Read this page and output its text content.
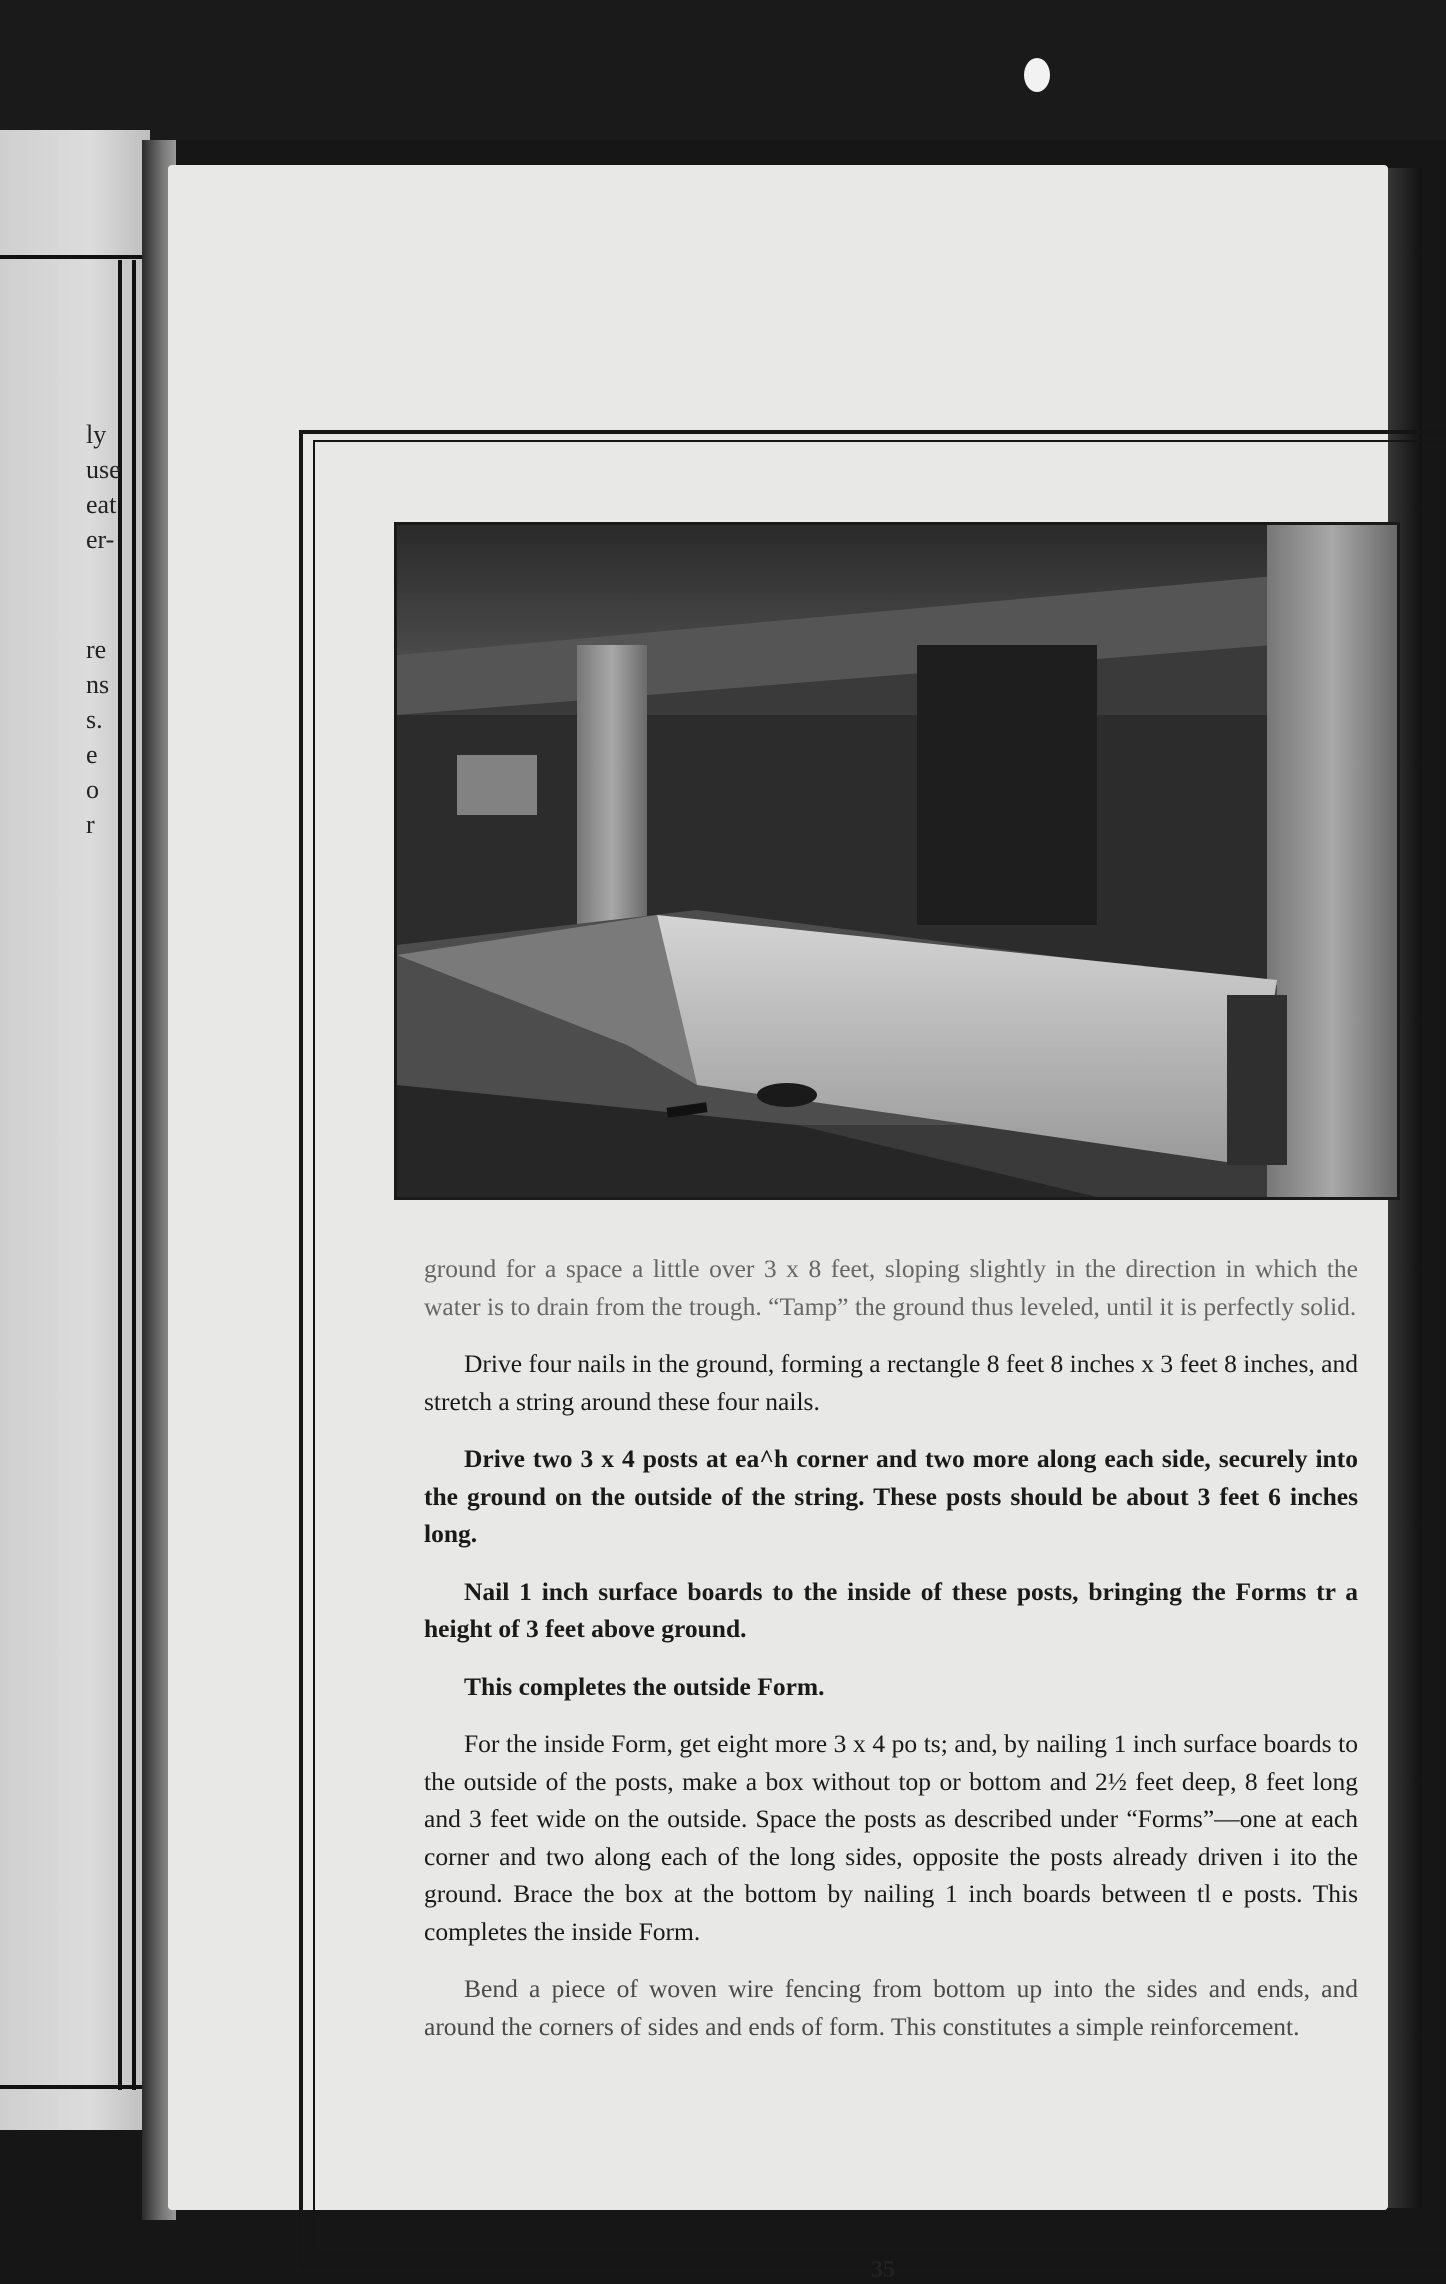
ly
use
eat
er-
re
ns
s.
e
o
r

ground for a space a little over 3 x 8 feet, sloping slightly in the direction in which the water is to drain from the trough. “Tamp” the ground thus leveled, until it is perfectly solid.

Drive four nails in the ground, forming a rectangle 8 feet 8 inches x 3 feet 8 inches, and stretch a string around these four nails.

Drive two 3 x 4 posts at ea^h corner and two more along each side, securely into the ground on the outside of the string. These posts should be about 3 feet 6 inches long.

Nail 1 inch surface boards to the inside of these posts, bringing the Forms tr a height of 3 feet above ground.

This completes the outside Form.

For the inside Form, get eight more 3 x 4 po ts; and, by nailing 1 inch surface boards to the outside of the posts, make a box without top or bottom and 2½ feet deep, 8 feet long and 3 feet wide on the outside. Space the posts as described under “Forms”—one at each corner and two along each of the long sides, opposite the posts already driven i ito the ground. Brace the box at the bottom by nailing 1 inch boards between tl e posts. This completes the inside Form.

Bend a piece of woven wire fencing from bottom up into the sides and ends, and around the corners of sides and ends of form. This constitutes a simple reinforcement.

35
